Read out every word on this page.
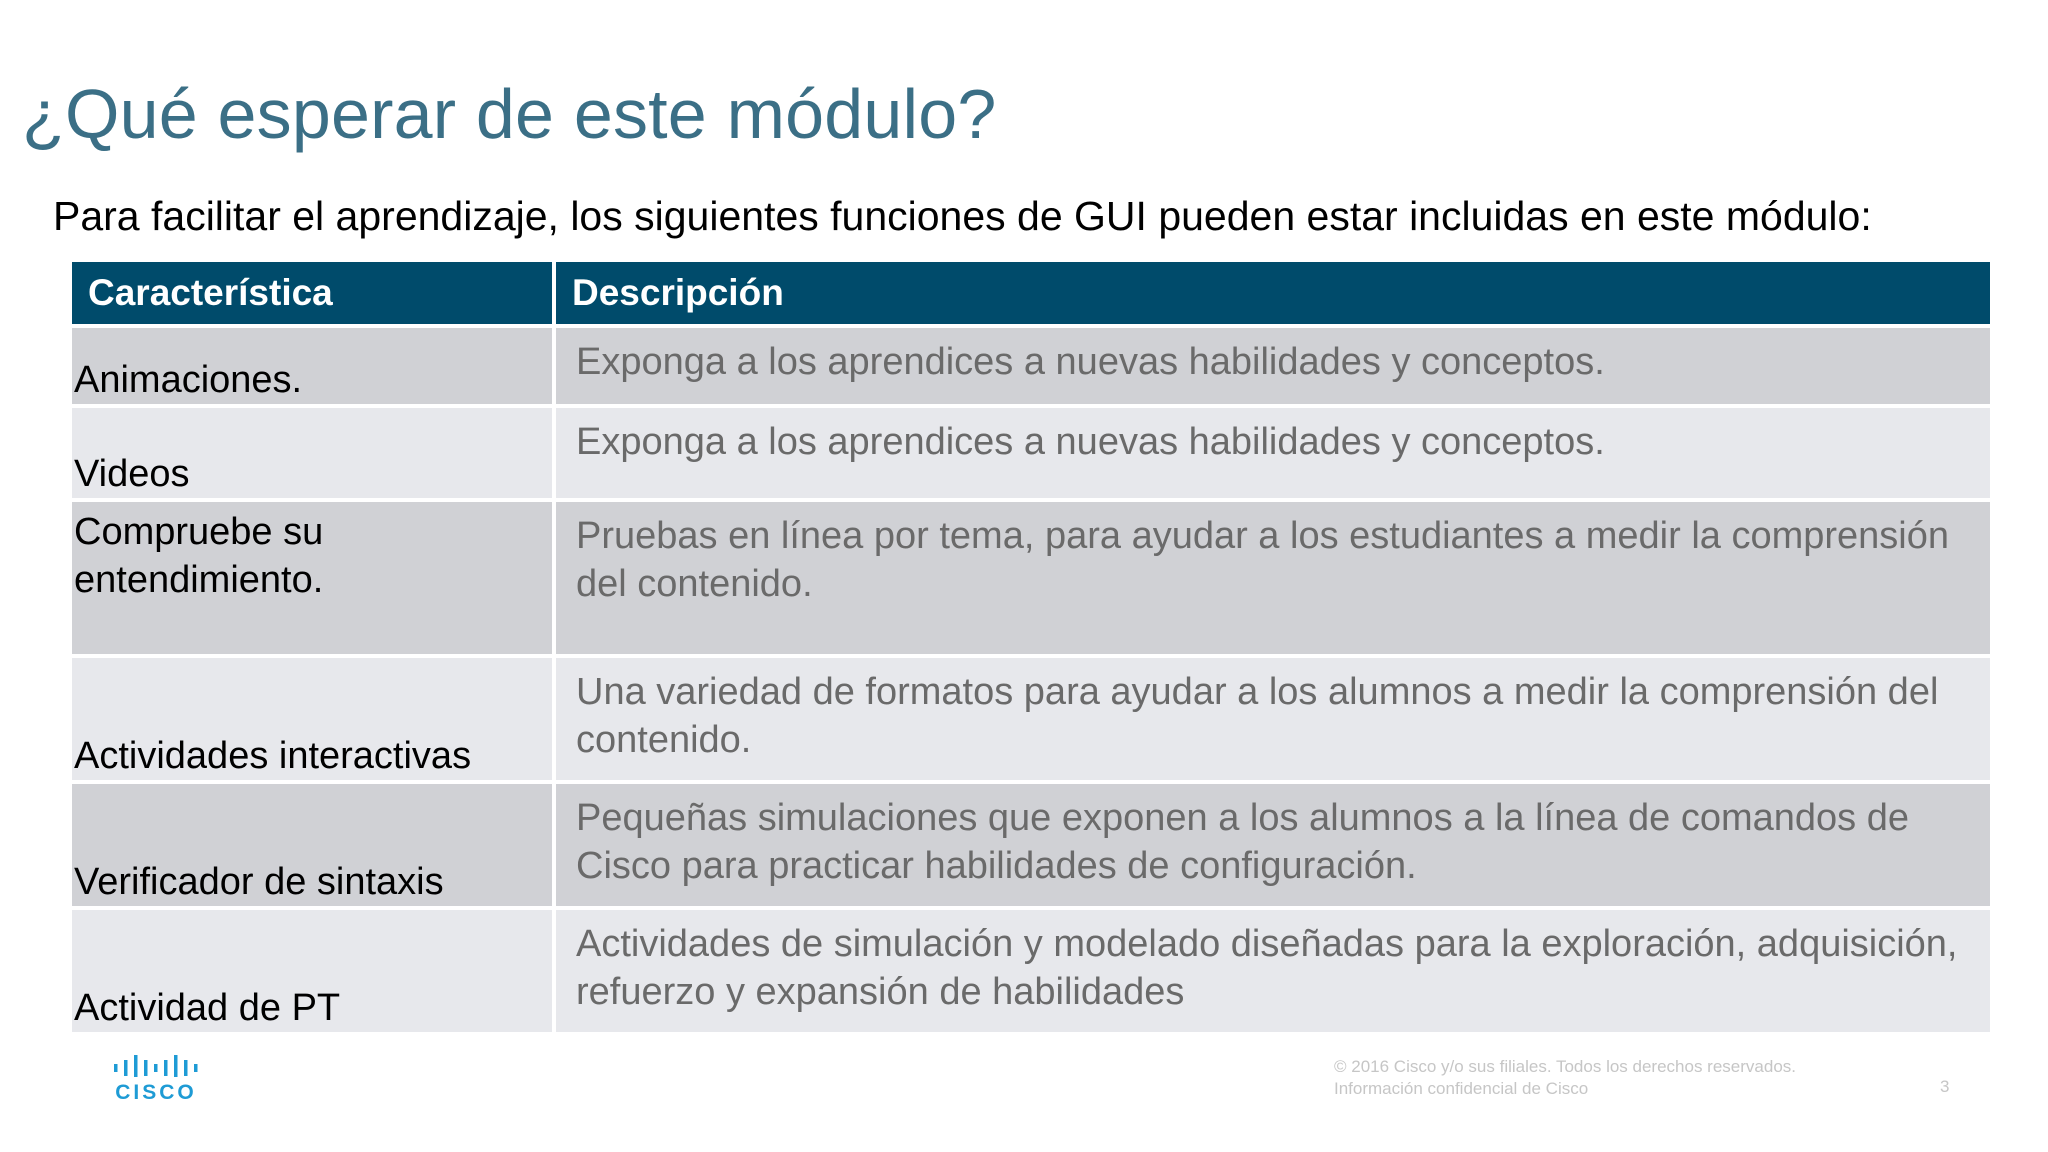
¿Qué esperar de este módulo?

Para facilitar el aprendizaje, los siguientes funciones de GUI pueden estar incluidas en este módulo:

Característica	Descripción
Animaciones.	Exponga a los aprendices a nuevas habilidades y conceptos.
Videos	Exponga a los aprendices a nuevas habilidades y conceptos.
Compruebe su entendimiento.	Pruebas en línea por tema, para ayudar a los estudiantes a medir la comprensión del contenido.
Actividades interactivas	Una variedad de formatos para ayudar a los alumnos a medir la comprensión del contenido.
Verificador de sintaxis	Pequeñas simulaciones que exponen a los alumnos a la línea de comandos de Cisco para practicar habilidades de configuración.
Actividad de PT	Actividades de simulación y modelado diseñadas para la exploración, adquisición, refuerzo y expansión de habilidades
CISCO
© 2016 Cisco y/o sus filiales. Todos los derechos reservados.
Información confidencial de Cisco	3
